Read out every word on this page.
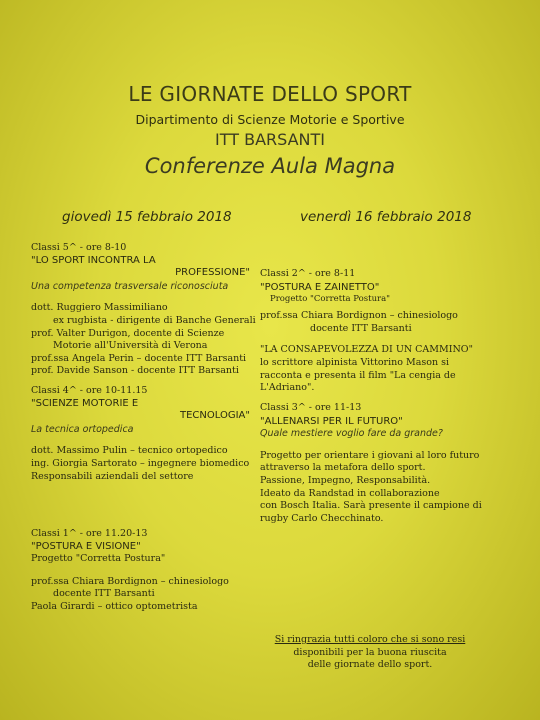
LE GIORNATE DELLO SPORT
Dipartimento di Scienze Motorie e Sportive
ITT BARSANTI
Conferenze Aula Magna
giovedì 15 febbraio 2018	venerdì 16 febbraio 2018
Classi 5^ - ore 8-10
"LO SPORT INCONTRA LA
PROFESSIONE"
Una competenza trasversale riconosciuta
dott. Ruggiero Massimiliano
ex rugbista - dirigente di Banche Generali
prof. Valter Durigon, docente di Scienze
Motorie all'Università di Verona
prof.ssa Angela Perin – docente ITT Barsanti
prof. Davide Sanson - docente ITT Barsanti
Classi 4^ - ore 10-11.15
"SCIENZE MOTORIE E
TECNOLOGIA"
La tecnica ortopedica
dott. Massimo Pulin – tecnico ortopedico
ing. Giorgia Sartorato – ingegnere biomedico
Responsabili aziendali del settore
Classi 1^ - ore 11.20-13
"POSTURA E VISIONE"
Progetto "Corretta Postura"
prof.ssa Chiara Bordignon – chinesiologo
docente ITT Barsanti
Paola Girardi – ottico optometrista
Classi 2^ - ore 8-11
"POSTURA E ZAINETTO"
Progetto "Corretta Postura"
prof.ssa Chiara Bordignon – chinesiologo
docente ITT Barsanti
"LA CONSAPEVOLEZZA DI UN CAMMINO"
lo scrittore alpinista Vittorino Mason si
racconta e presenta il film "La cengia de
L'Adriano".
Classi 3^ - ore 11-13
"ALLENARSI PER IL FUTURO"
Quale mestiere voglio fare da grande?
Progetto per orientare i giovani al loro futuro
attraverso la metafora dello sport.
Passione, Impegno, Responsabilità.
Ideato da Randstad in collaborazione
con Bosch Italia. Sarà presente il campione di
rugby Carlo Checchinato.
Si ringrazia tutti coloro che si sono resi
disponibili per la buona riuscita
delle giornate dello sport.
